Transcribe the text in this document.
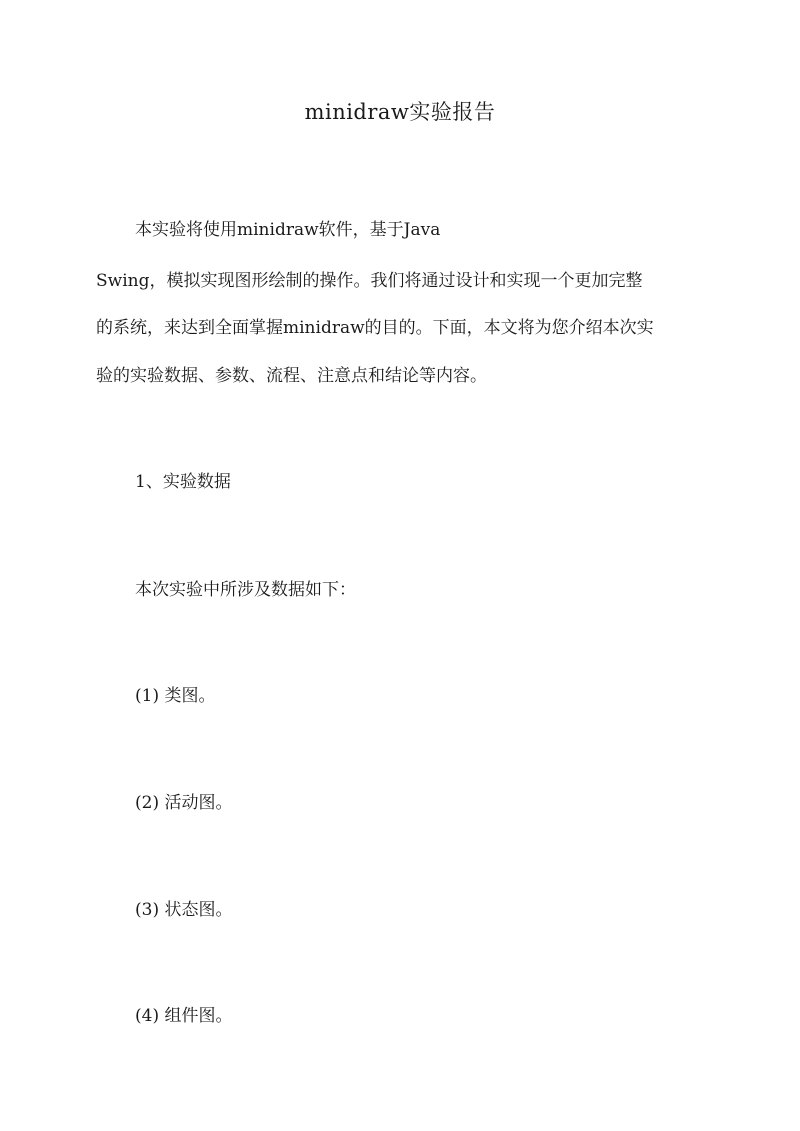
minidraw实验报告
本实验将使用minidraw软件，基于Java
Swing，模拟实现图形绘制的操作。我们将通过设计和实现一个更加完整
的系统，来达到全面掌握minidraw的目的。下面，本文将为您介绍本次实
验的实验数据、参数、流程、注意点和结论等内容。
1、实验数据
本次实验中所涉及数据如下：
(1) 类图。
(2) 活动图。
(3) 状态图。
(4) 组件图。
